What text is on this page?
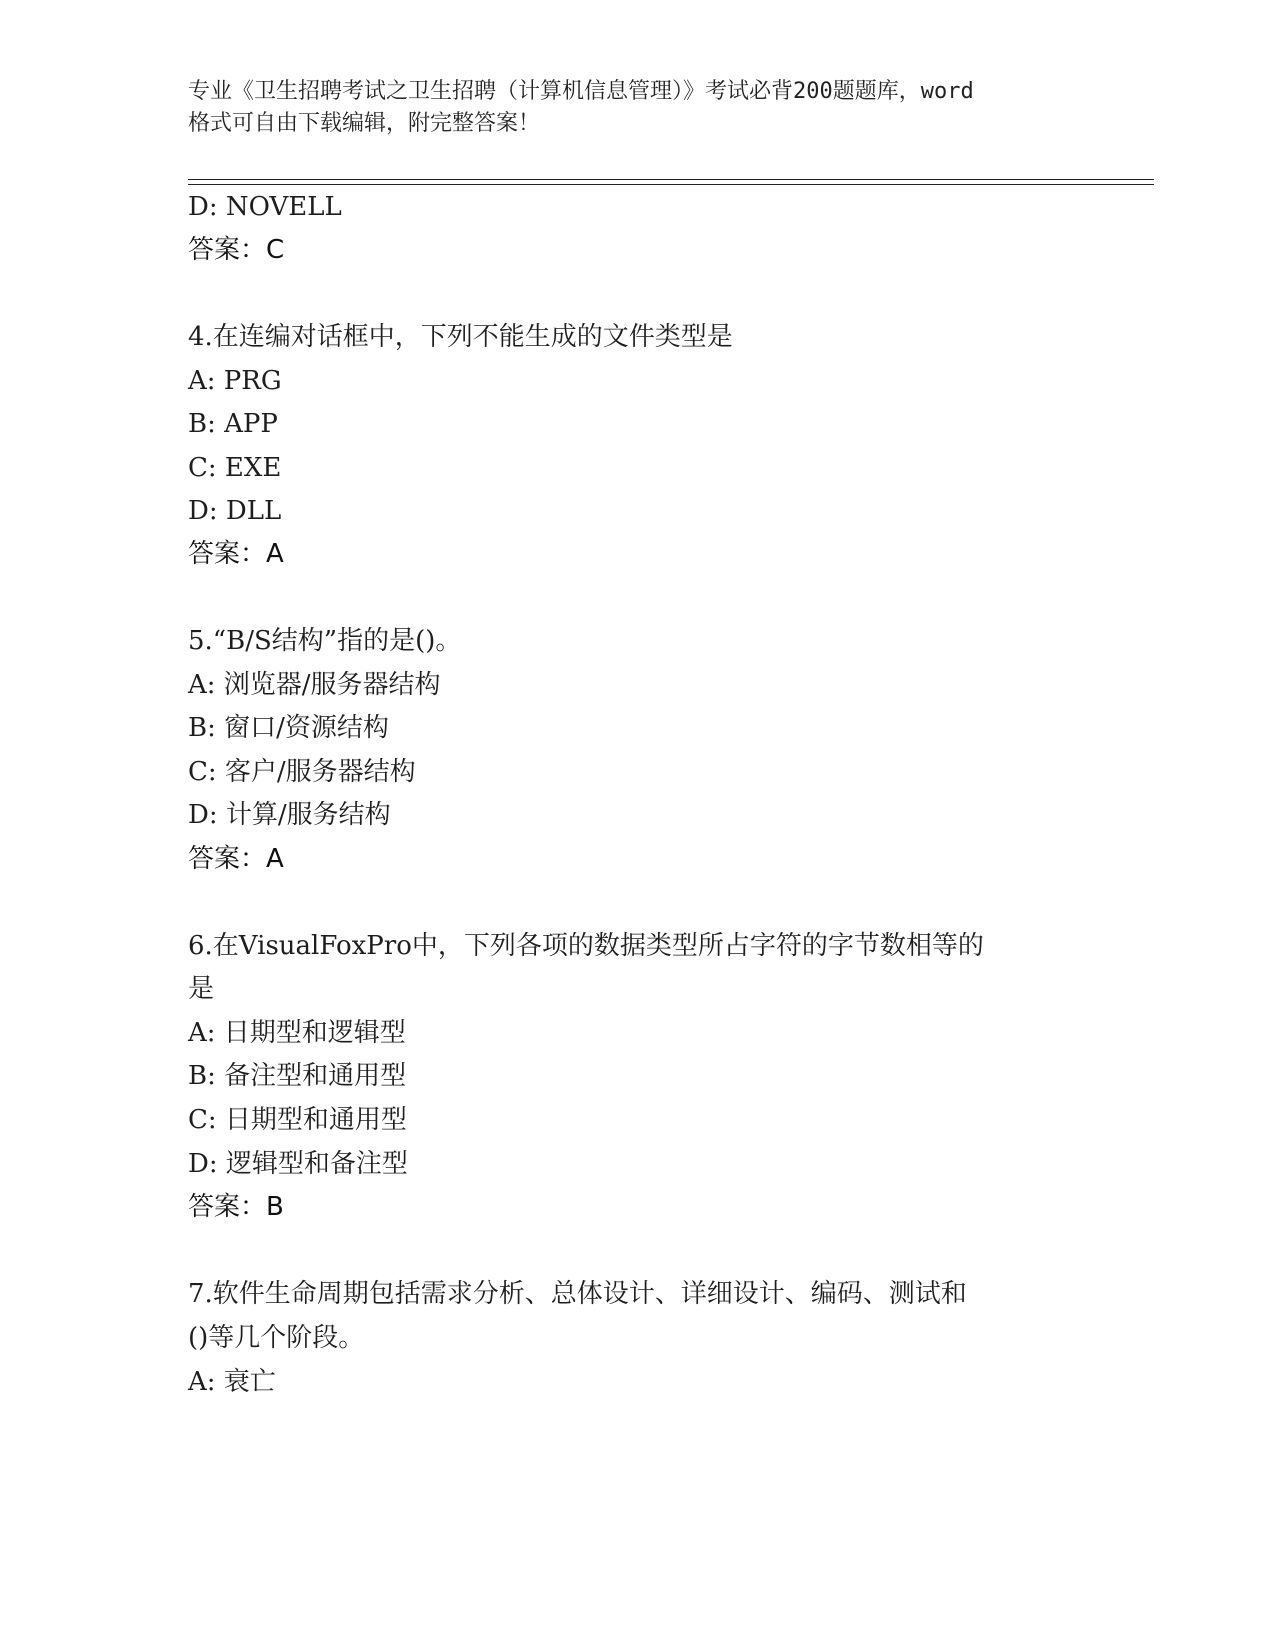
专业《卫生招聘考试之卫生招聘（计算机信息管理）》考试必背200题题库，word
格式可自由下载编辑，附完整答案！
D: NOVELL
答案：C
4.在连编对话框中，下列不能生成的文件类型是
A: PRG
B: APP
C: EXE
D: DLL
答案：A
5.“B/S结构”指的是()。
A: 浏览器/服务器结构
B: 窗口/资源结构
C: 客户/服务器结构
D: 计算/服务结构
答案：A
6.在VisualFoxPro中，下列各项的数据类型所占字符的字节数相等的
是
A: 日期型和逻辑型
B: 备注型和通用型
C: 日期型和通用型
D: 逻辑型和备注型
答案：B
7.软件生命周期包括需求分析、总体设计、详细设计、编码、测试和
()等几个阶段。
A: 衰亡
